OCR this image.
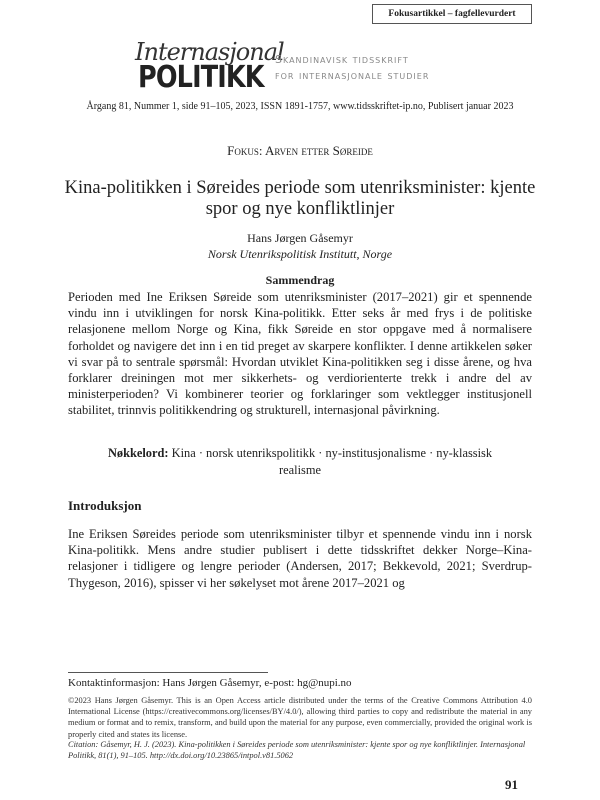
Fokusartikkel – fagfellevurdert
Internasjonal
POLITIKK
Skandinavisk tidsskrift
for internasjonale studier
Årgang 81, Nummer 1, side 91–105, 2023, ISSN 1891-1757, www.tidsskriftet-ip.no, Publisert januar 2023
Fokus: Arven etter Søreide
Kina-politikken i Søreides periode som utenriksminister: kjente spor og nye konfliktlinjer
Hans Jørgen Gåsemyr
Norsk Utenrikspolitisk Institutt, Norge
Sammendrag
Perioden med Ine Eriksen Søreide som utenriksminister (2017–2021) gir et spennende vindu inn i utviklingen for norsk Kina-politikk. Etter seks år med frys i de politiske relasjonene mellom Norge og Kina, fikk Søreide en stor oppgave med å normalisere forholdet og navigere det inn i en tid preget av skarpere konflikter. I denne artikkelen søker vi svar på to sentrale spørsmål: Hvordan utviklet Kina-politikken seg i disse årene, og hva forklarer dreiningen mot mer sikkerhets- og verdiorienterte trekk i andre del av ministerperioden? Vi kombinerer teorier og forklaringer som vektlegger institusjonell stabilitet, trinnvis politikkendring og strukturell, internasjonal påvirkning.
Nøkkelord: Kina · norsk utenrikspolitikk · ny-institusjonalisme · ny-klassisk realisme
Introduksjon
Ine Eriksen Søreides periode som utenriksminister tilbyr et spennende vindu inn i norsk Kina-politikk. Mens andre studier publisert i dette tidsskriftet dekker Norge–Kina-relasjoner i tidligere og lengre perioder (Andersen, 2017; Bekkevold, 2021; Sverdrup-Thygeson, 2016), spisser vi her søkelyset mot årene 2017–2021 og
Kontaktinformasjon: Hans Jørgen Gåsemyr, e-post: hg@nupi.no
©2023 Hans Jørgen Gåsemyr. This is an Open Access article distributed under the terms of the Creative Commons Attribution 4.0 International License (https://creativecommons.org/licenses/BY/4.0/), allowing third parties to copy and redistribute the material in any medium or format and to remix, transform, and build upon the material for any purpose, even commercially, provided the original work is properly cited and states its license.
Citation: Gåsemyr, H. J. (2023). Kina-politikken i Søreides periode som utenriksminister: kjente spor og nye konfliktlinjer. Internasjonal Politikk, 81(1), 91–105. http://dx.doi.org/10.23865/intpol.v81.5062
91
